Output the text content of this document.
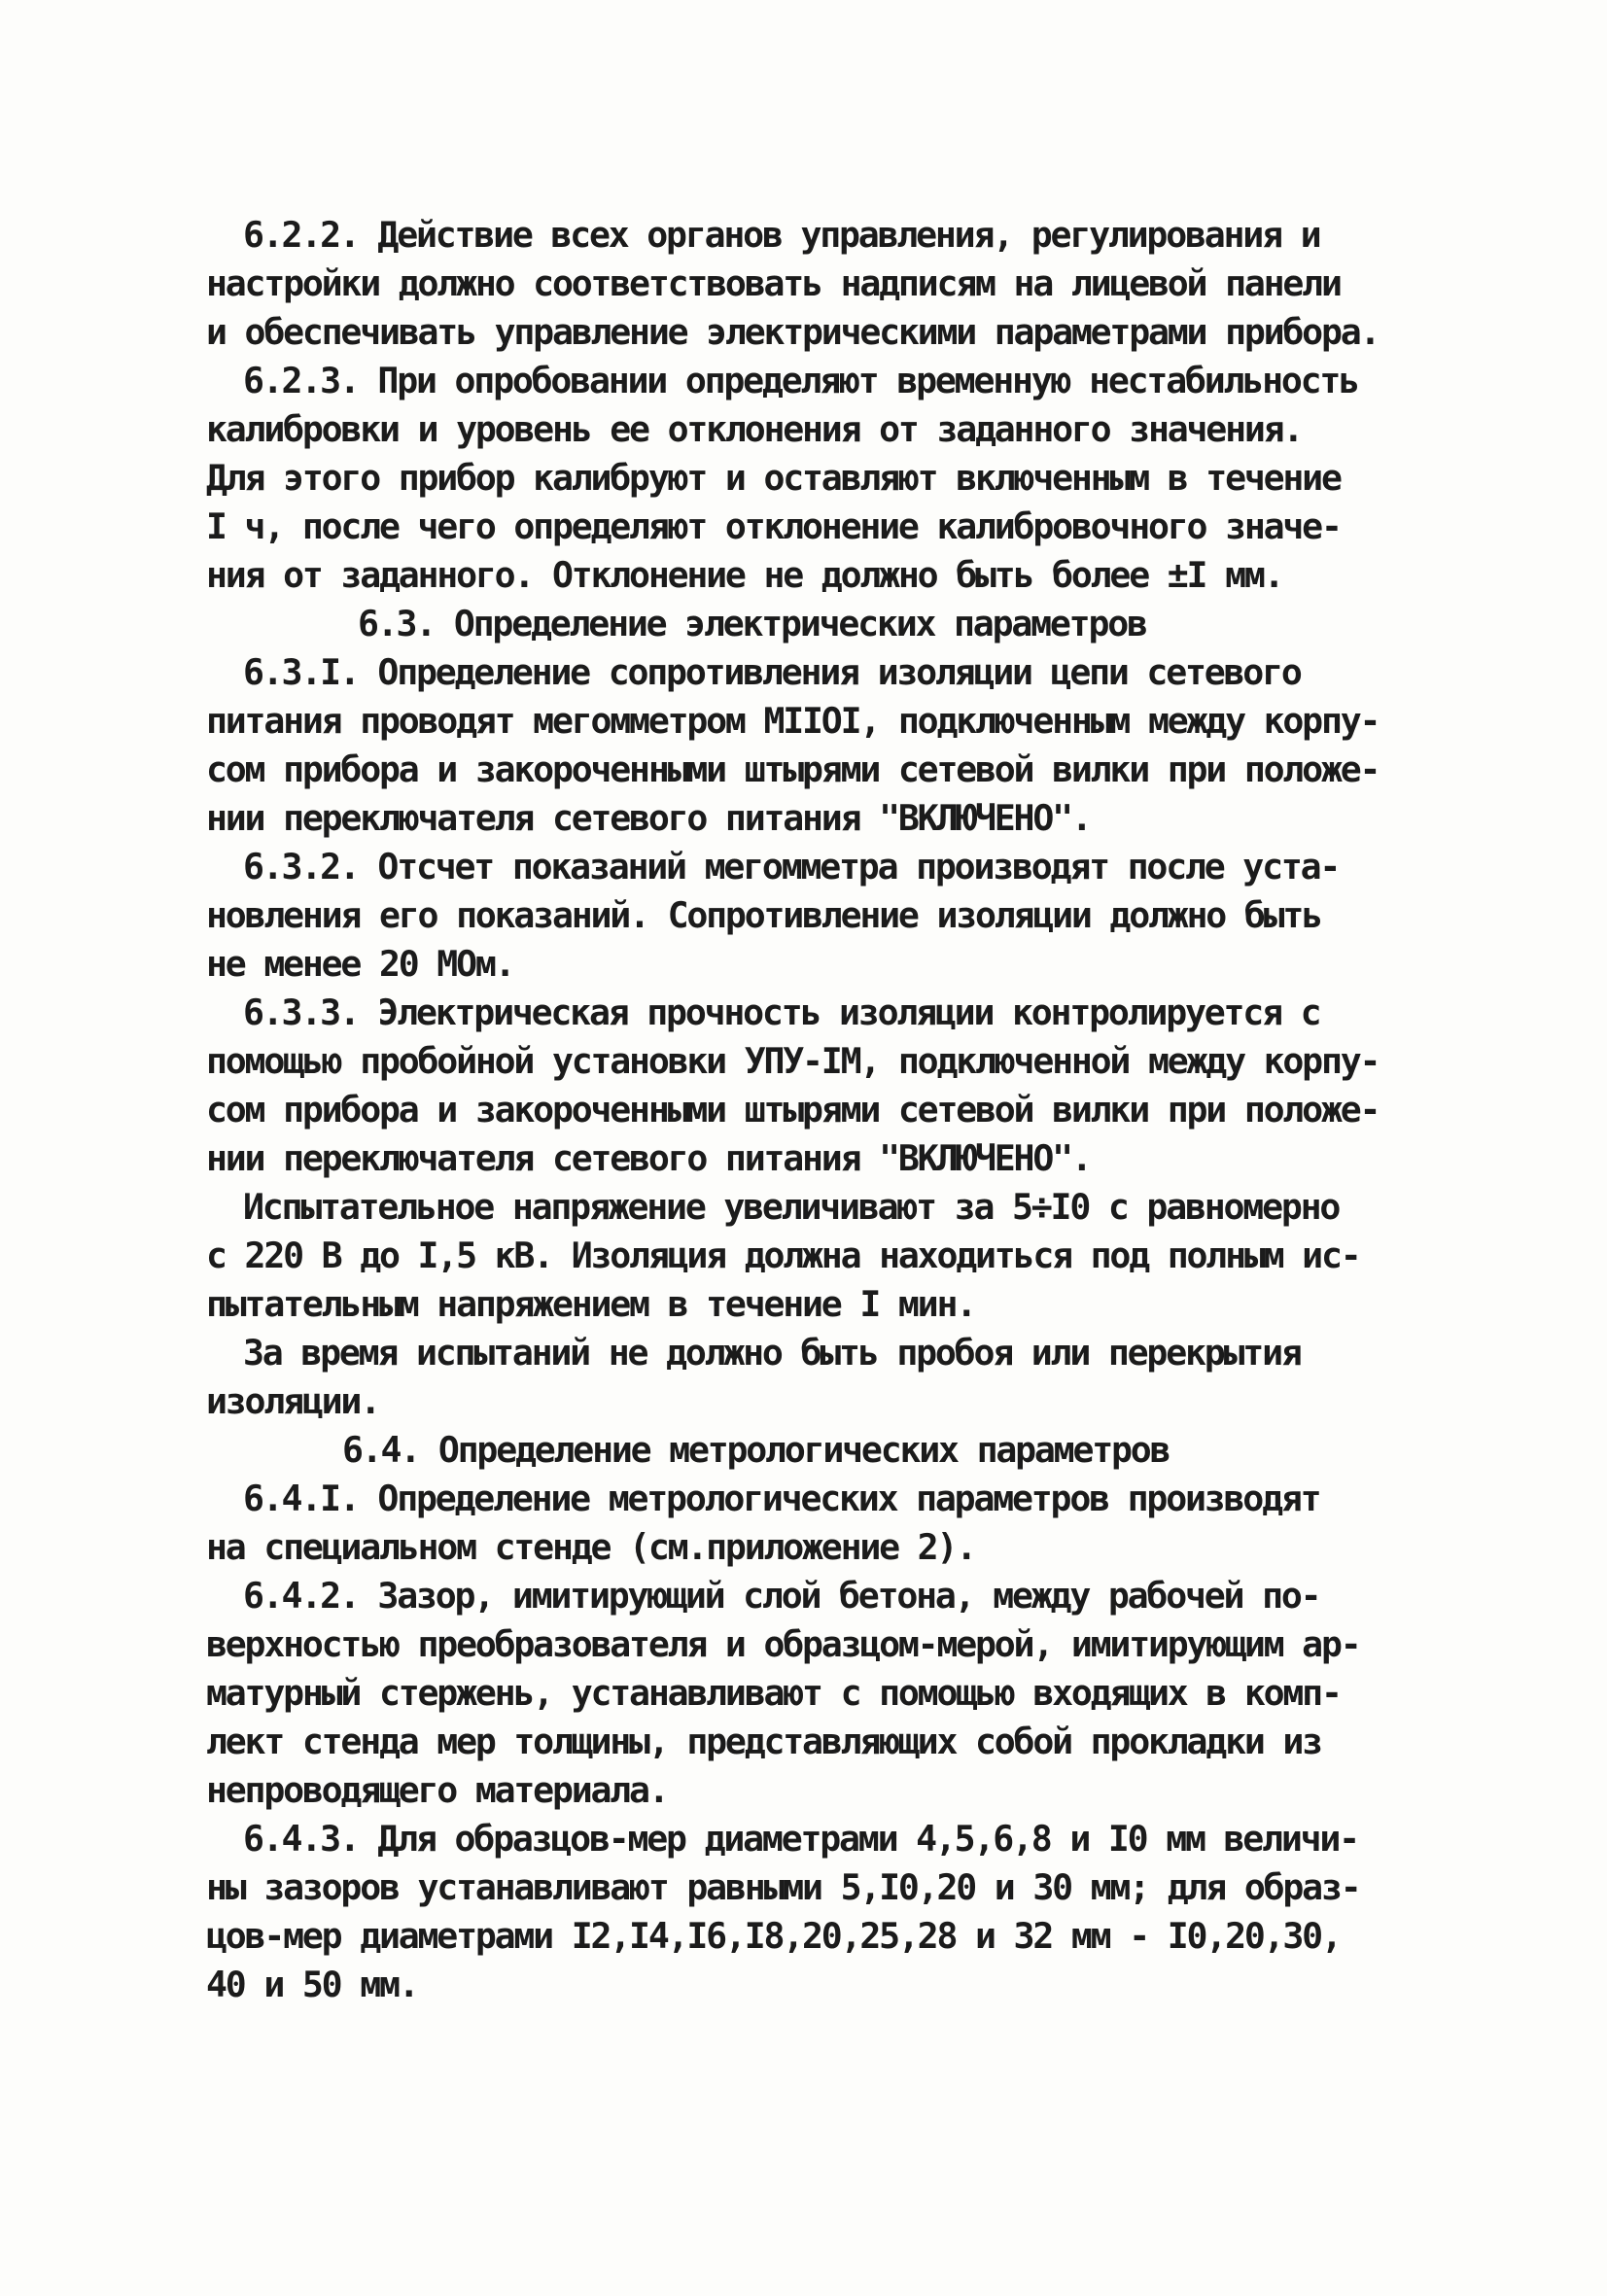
6.2.2. Действие всех органов управления, регулирования и
настройки должно соответствовать надписям на лицевой панели
и обеспечивать управление электрическими параметрами прибора.
6.2.3. При опробовании определяют временную нестабильность
калибровки и уровень ее отклонения от заданного значения.
Для этого прибор калибруют и оставляют включенным в течение
I ч, после чего определяют отклонение калибровочного значе-
ния от заданного. Отклонение не должно быть более ±I мм.
6.3. Определение электрических параметров
6.3.I. Определение сопротивления изоляции цепи сетевого
питания проводят мегомметром МIIОI, подключенным между корпу-
сом прибора и закороченными штырями сетевой вилки при положе-
нии переключателя сетевого питания "ВКЛЮЧЕНО".
6.3.2. Отсчет показаний мегомметра производят после уста-
новления его показаний. Сопротивление изоляции должно быть
не менее 20 МОм.
6.3.3. Электрическая прочность изоляции контролируется с
помощью пробойной установки УПУ-IМ, подключенной между корпу-
сом прибора и закороченными штырями сетевой вилки при положе-
нии переключателя сетевого питания "ВКЛЮЧЕНО".
Испытательное напряжение увеличивают за 5÷I0 с равномерно
с 220 В до I,5 кВ. Изоляция должна находиться под полным ис-
пытательным напряжением в течение I мин.
За время испытаний не должно быть пробоя или перекрытия
изоляции.
6.4. Определение метрологических параметров
6.4.I. Определение метрологических параметров производят
на специальном стенде (см.приложение 2).
6.4.2. Зазор, имитирующий слой бетона, между рабочей по-
верхностью преобразователя и образцом-мерой, имитирующим ар-
матурный стержень, устанавливают с помощью входящих в комп-
лект стенда мер толщины, представляющих собой прокладки из
непроводящего материала.
6.4.3. Для образцов-мер диаметрами 4,5,6,8 и I0 мм величи-
ны зазоров устанавливают равными 5,I0,20 и 30 мм; для образ-
цов-мер диаметрами I2,I4,I6,I8,20,25,28 и 32 мм - I0,20,30,
40 и 50 мм.
